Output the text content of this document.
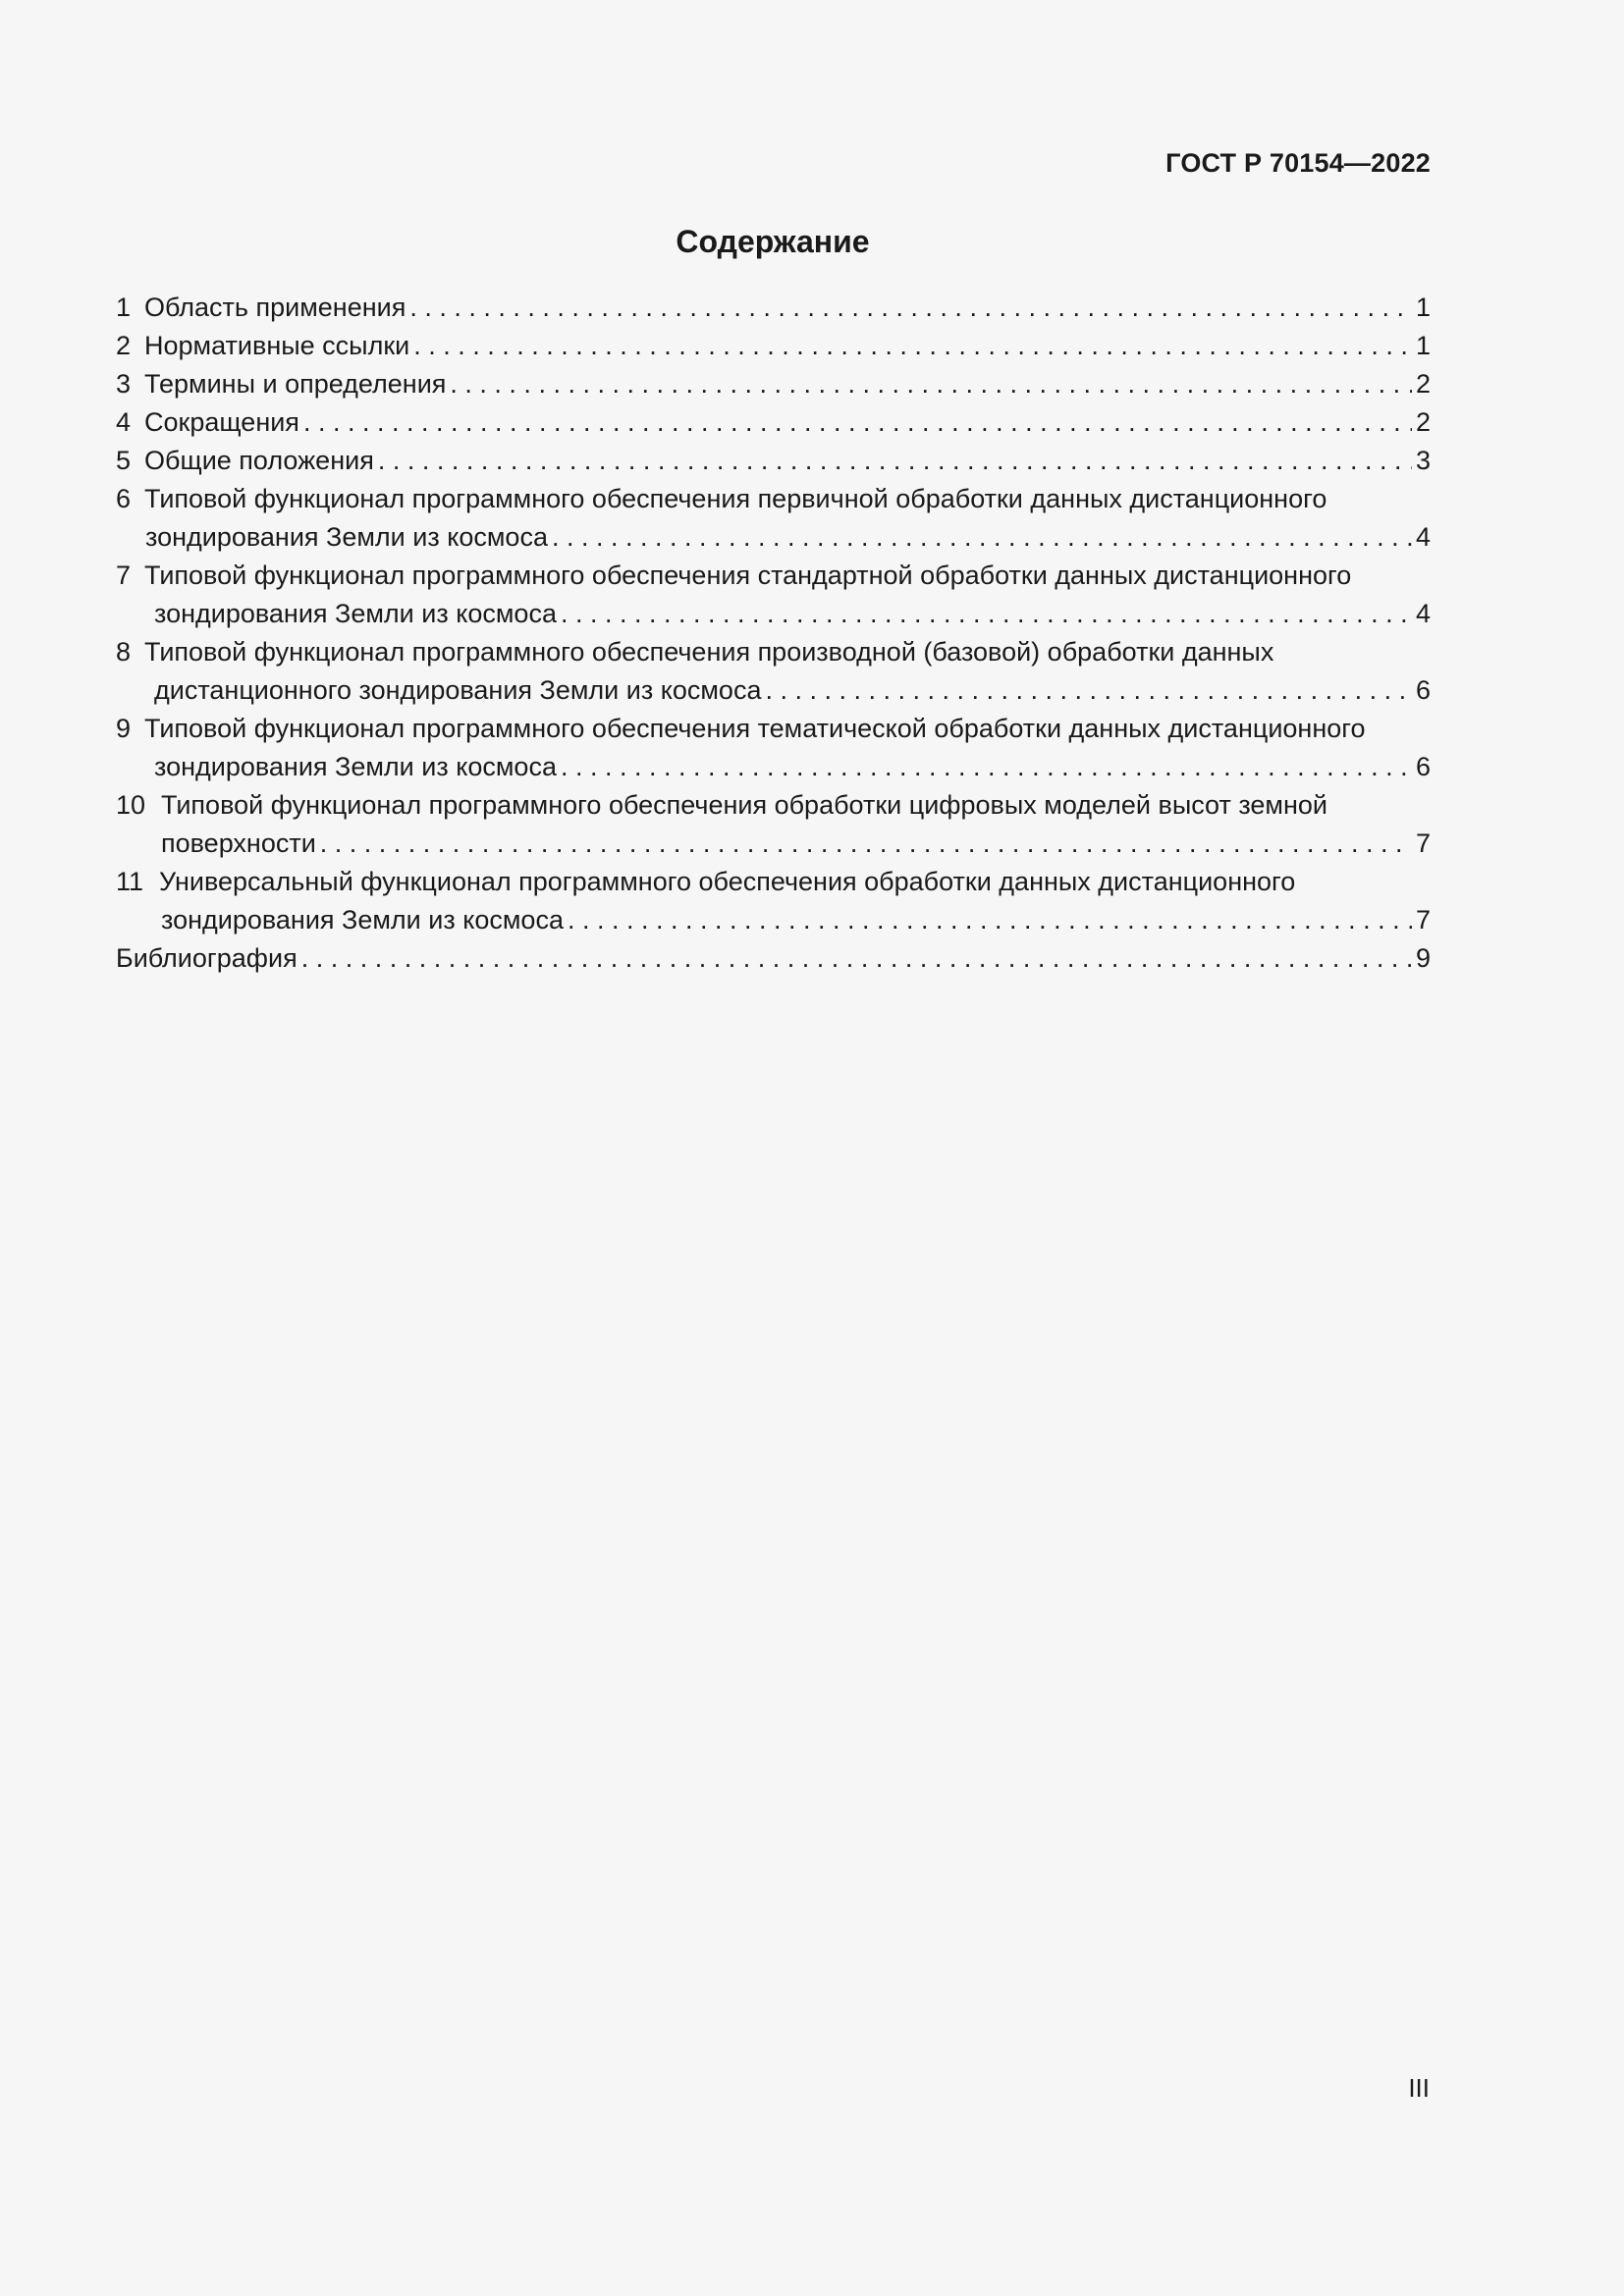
ГОСТ Р 70154—2022
Содержание
1 Область применения . . .	1
2 Нормативные ссылки . . .	1
3 Термины и определения . . .	2
4 Сокращения . . .	2
5 Общие положения . . .	3
6 Типовой функционал программного обеспечения первичной обработки данных дистанционного
зондирования Земли из космоса . . .	4
7 Типовой функционал программного обеспечения стандартной обработки данных дистанционного
зондирования Земли из космоса . . .	4
8 Типовой функционал программного обеспечения производной (базовой) обработки данных
дистанционного зондирования Земли из космоса . . .	6
9 Типовой функционал программного обеспечения тематической обработки данных дистанционного
зондирования Земли из космоса . . .	6
10 Типовой функционал программного обеспечения обработки цифровых моделей высот земной
поверхности . . .	7
11 Универсальный функционал программного обеспечения обработки данных дистанционного
зондирования Земли из космоса . . .	7
Библиография . . .	9
III
